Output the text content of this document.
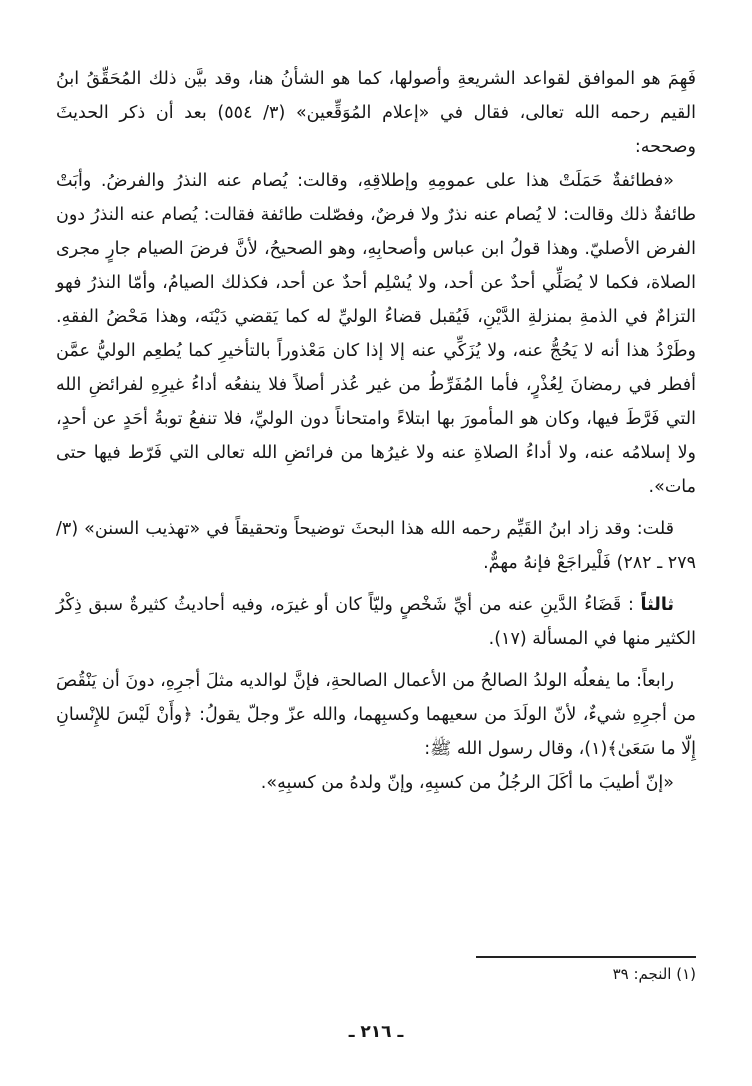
فَهِمَ هو الموافق لقواعد الشريعةِ وأصولها، كما هو الشأنُ هنا، وقد بيَّن ذلك المُحَقِّقُ ابنُ القيم رحمه الله تعالى، فقال في «إعلام المُوَقِّعين» (٣/ ٥٥٤) بعد أن ذكر الحديثَ وصححه:

«فطائفةٌ حَمَلَتْ هذا على عمومِهِ وإطلاقِهِ، وقالت: يُصام عنه النذرُ والفرضُ. وأبَتْ طائفةٌ ذلك وقالت: لا يُصام عنه نذرٌ ولا فرضٌ، وفصّلت طائفة فقالت: يُصام عنه النذرُ دون الفرض الأصليّ. وهذا قولُ ابن عباس وأصحابِهِ، وهو الصحيحُ، لأنَّ فرضَ الصيام جارٍ مجرى الصلاة، فكما لا يُصَلِّي أحدٌ عن أحد، ولا يُسْلِم أحدٌ عن أحد، فكذلك الصيامُ، وأمّا النذرُ فهو التزامٌ في الذمةِ بمنزلةِ الدَّيْنِ، فَيُقبل قضاءُ الوليِّ له كما يَقضي دَيْنَه، وهذا مَحْضُ الفقهِ. وطَرْدُ هذا أنه لا يَحُجُّ عنه، ولا يُزَكِّي عنه إلا إذا كان مَعْذوراً بالتأخيرِ كما يُطعِم الوليُّ عمَّن أفطر في رمضانَ لِعُذْرٍ، فأما المُفَرِّطُ من غير عُذر أصلاً فلا ينفعُه أداءُ غيرِهِ لفرائضِ الله التي فَرَّطَ فيها، وكان هو المأمورَ بها ابتلاءً وامتحاناً دون الوليِّ، فلا تنفعُ توبةُ أحَدٍ عن أحدٍ، ولا إسلامُه عنه، ولا أداءُ الصلاةِ عنه ولا غيرُها من فرائضِ الله تعالى التي فَرّط فيها حتى مات».

قلت: وقد زاد ابنُ القَيِّم رحمه الله هذا البحثَ توضيحاً وتحقيقاً في «تهذيب السنن» (٣/ ٢٧٩ ـ ٢٨٢) فَلْيراجَعْ فإنهُ مهمٌّ.

ثالثاً : قَضَاءُ الدَّينِ عنه من أيِّ شَخْصٍ وليّاً كان أو غيرَه، وفيه أحاديثُ كثيرةٌ سبق ذِكْرُ الكثير منها في المسألة (١٧).

رابعاً: ما يفعلُه الولدُ الصالحُ من الأعمال الصالحةِ، فإنَّ لوالديه مثلَ أجرِهِ، دونَ أن يَنْقُصَ من أجرِهِ شيءٌ، لأنّ الولَدَ من سعيهما وكسبِهما، والله عزّ وجلّ يقولُ: ﴿وأَنْ لَيْسَ للإِنْسانِ إِلّا ما سَعَىٰ﴾(١)، وقال رسول الله ﷺ:

«إنّ أطيبَ ما أكَلَ الرجُلُ من كسبِهِ، وإنّ ولدهُ من كسبِهِ».

(١) النجم: ٣٩
ـ ٢١٦ ـ
